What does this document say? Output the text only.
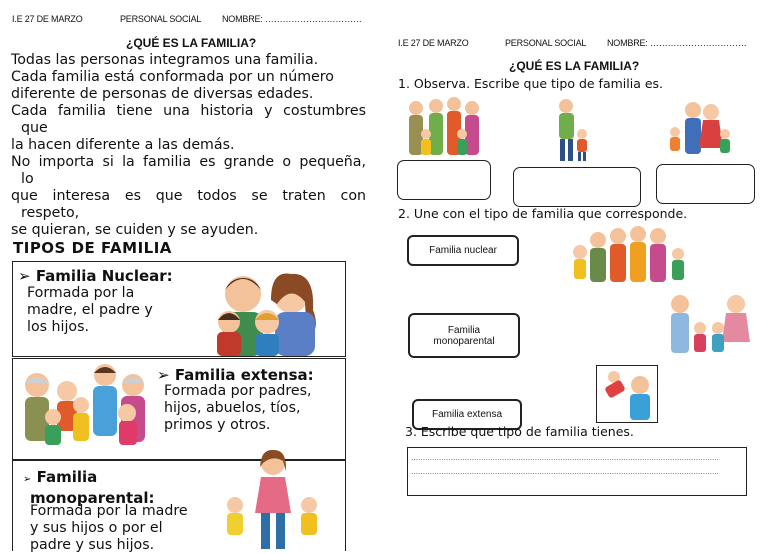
I.E 27 DE MARZO	PERSONAL SOCIAL NOMBRE: ……………………………
¿QUÉ ES LA FAMILIA?
Todas las personas integramos una familia.
Cada familia está conformada por un número
diferente de personas de diversas edades.
Cada familia tiene una historia y costumbres
que
la hacen diferente a las demás.
No importa si la familia es grande o pequeña,
lo
que interesa es que todos se traten con
respeto,
se quieran, se cuiden y se ayuden.
TIPOS DE FAMILIA
➢ Familia Nuclear:
Formada por la
madre, el padre y
los hijos.
➢ Familia extensa:
Formada por padres,
hijos, abuelos, tíos,
primos y otros.
➢ Familia
monoparental:
Formada por la madre
y sus hijos o por el
padre y sus hijos.
I.E 27 DE MARZO	PERSONAL SOCIAL NOMBRE: ……………………………
¿QUÉ ES LA FAMILIA?
1. Observa. Escribe que tipo de familia es.
2. Une con el tipo de familia que corresponde.
Familia nuclear
Familia monoparental
Familia extensa
3. Escribe que tipo de familia tienes.
……………………………………………………………………………………………………………………
……………………………………………………………………………………………………………………
